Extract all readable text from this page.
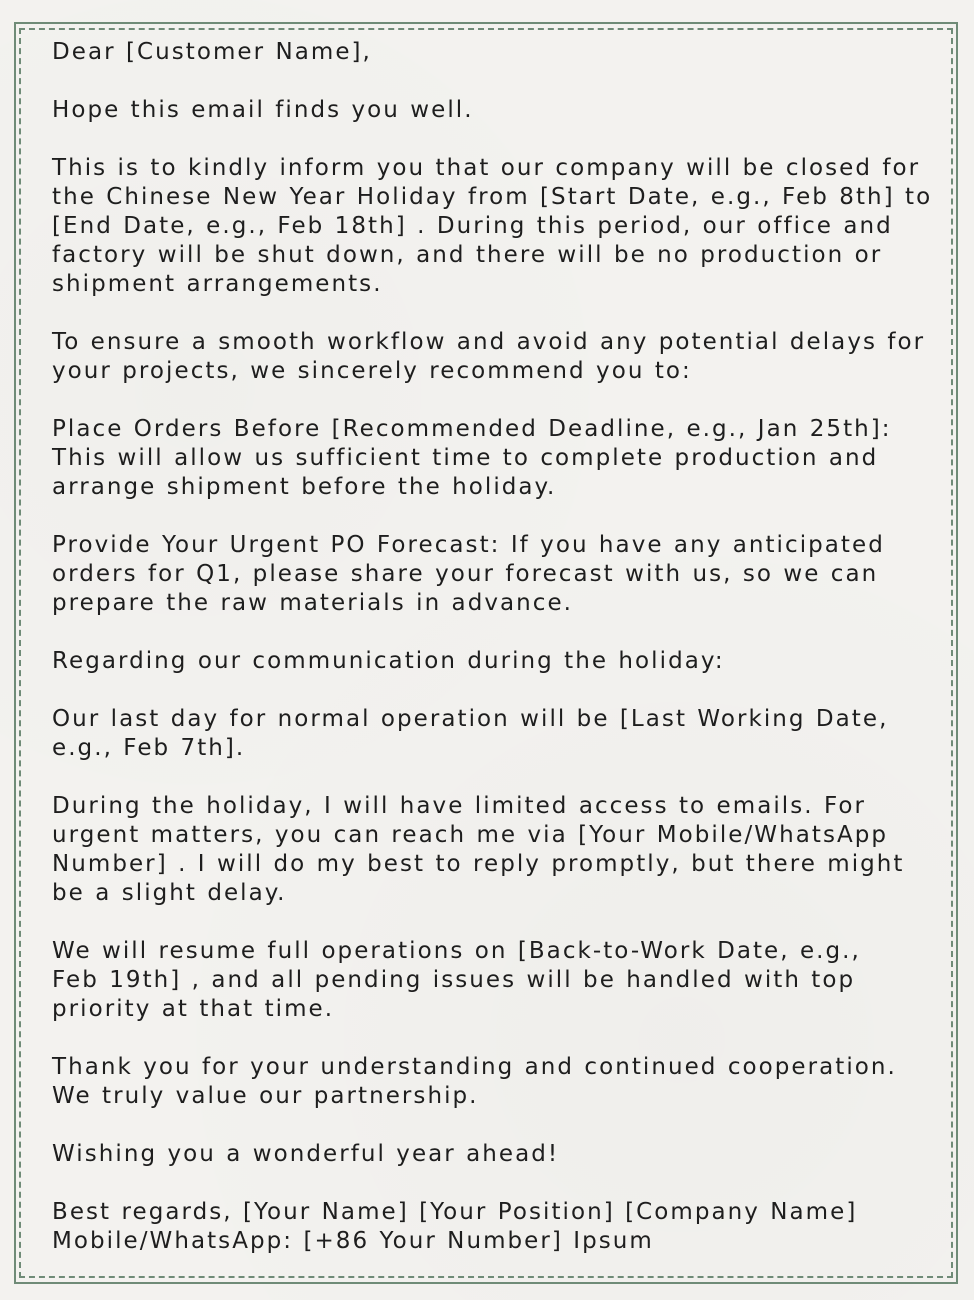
Dear [Customer Name],

Hope this email finds you well.

This is to kindly inform you that our company will be closed for
the Chinese New Year Holiday from [Start Date, e.g., Feb 8th] to
[End Date, e.g., Feb 18th] . During this period, our office and
factory will be shut down, and there will be no production or
shipment arrangements.

To ensure a smooth workflow and avoid any potential delays for
your projects, we sincerely recommend you to:

Place Orders Before [Recommended Deadline, e.g., Jan 25th]:
This will allow us sufficient time to complete production and
arrange shipment before the holiday.

Provide Your Urgent PO Forecast: If you have any anticipated
orders for Q1, please share your forecast with us, so we can
prepare the raw materials in advance.

Regarding our communication during the holiday:

Our last day for normal operation will be [Last Working Date,
e.g., Feb 7th].

During the holiday, I will have limited access to emails. For
urgent matters, you can reach me via [Your Mobile/WhatsApp
Number] . I will do my best to reply promptly, but there might
be a slight delay.

We will resume full operations on [Back-to-Work Date, e.g.,
Feb 19th] , and all pending issues will be handled with top
priority at that time.

Thank you for your understanding and continued cooperation.
We truly value our partnership.

Wishing you a wonderful year ahead!

Best regards, [Your Name] [Your Position] [Company Name]
Mobile/WhatsApp: [+86 Your Number] Ipsum
